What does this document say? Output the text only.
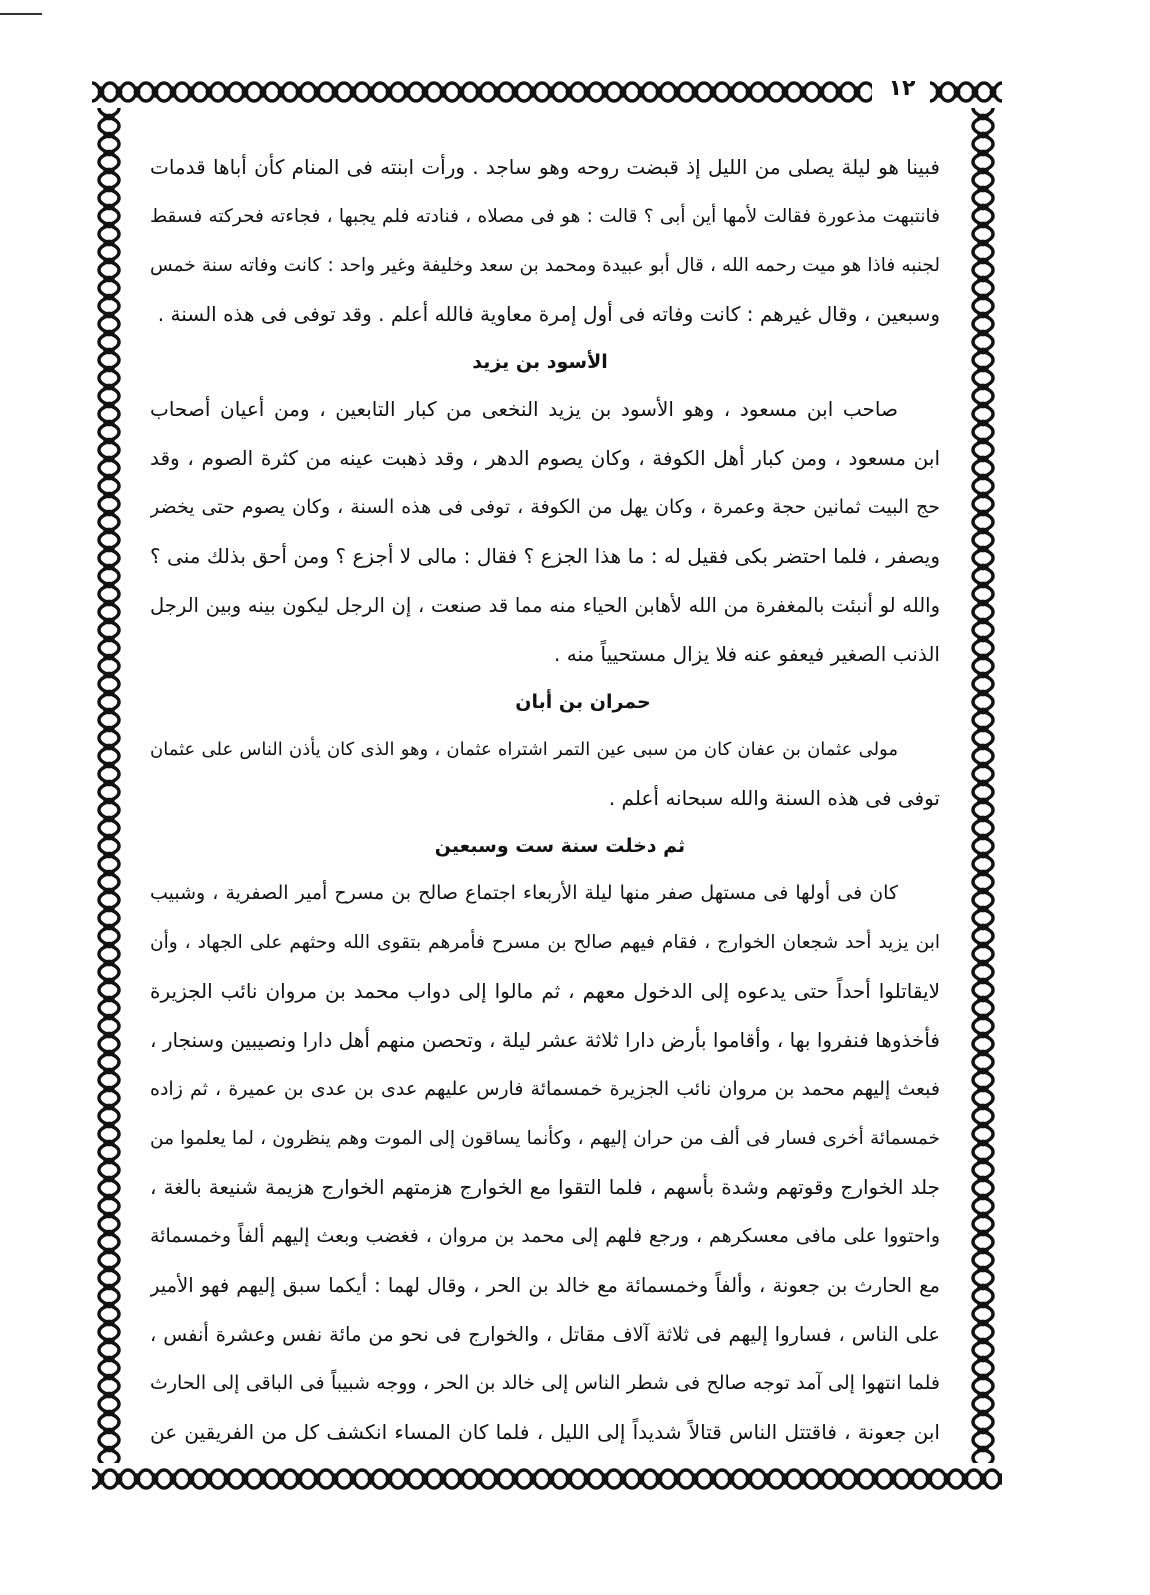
١٢
فبينا هو ليلة يصلى من الليل إذ قبضت روحه وهو ساجد . ورأت ابنته فى المنام كأن أباها قدمات
فانتبهت مذعورة فقالت لأمها أين أبى ؟ قالت : هو فى مصلاه ، فنادته فلم يجبها ، فجاءته فحركته فسقط
لجنبه فاذا هو ميت رحمه الله ، قال أبو عبيدة ومحمد بن سعد وخليفة وغير واحد : كانت وفاته سنة خمس
وسبعين ، وقال غيرهم : كانت وفاته فى أول إمرة معاوية فالله أعلم . وقد توفى فى هذه السنة .
الأسود بن يزيد
صاحب ابن مسعود ، وهو الأسود بن يزيد النخعى من كبار التابعين ، ومن أعيان أصحاب
ابن مسعود ، ومن كبار أهل الكوفة ، وكان يصوم الدهر ، وقد ذهبت عينه من كثرة الصوم ، وقد
حج البيت ثمانين حجة وعمرة ، وكان يهل من الكوفة ، توفى فى هذه السنة ، وكان يصوم حتى يخضر
ويصفر ، فلما احتضر بكى فقيل له : ما هذا الجزع ؟ فقال : مالى لا أجزع ؟ ومن أحق بذلك منى ؟
والله لو أنبئت بالمغفرة من الله لأهابن الحياء منه مما قد صنعت ، إن الرجل ليكون بينه وبين الرجل
الذنب الصغير فيعفو عنه فلا يزال مستحيياً منه .
حمران بن أبان
مولى عثمان بن عفان كان من سبى عين التمر اشتراه عثمان ، وهو الذى كان يأذن الناس على عثمان
توفى فى هذه السنة والله سبحانه أعلم .
ثم دخلت سنة ست وسبعين
كان فى أولها فى مستهل صفر منها ليلة الأربعاء اجتماع صالح بن مسرح أمير الصفرية ، وشبيب
ابن يزيد أحد شجعان الخوارج ، فقام فيهم صالح بن مسرح فأمرهم بتقوى الله وحثهم على الجهاد ، وأن
لايقاتلوا أحداً حتى يدعوه إلى الدخول معهم ، ثم مالوا إلى دواب محمد بن مروان نائب الجزيرة
فأخذوها فنفروا بها ، وأقاموا بأرض دارا ثلاثة عشر ليلة ، وتحصن منهم أهل دارا ونصيبين وسنجار ،
فبعث إليهم محمد بن مروان نائب الجزيرة خمسمائة فارس عليهم عدى بن عدى بن عميرة ، ثم زاده
خمسمائة أخرى فسار فى ألف من حران إليهم ، وكأنما يساقون إلى الموت وهم ينظرون ، لما يعلموا من
جلد الخوارج وقوتهم وشدة بأسهم ، فلما التقوا مع الخوارج هزمتهم الخوارج هزيمة شنيعة بالغة ،
واحتووا على مافى معسكرهم ، ورجع فلهم إلى محمد بن مروان ، فغضب وبعث إليهم ألفاً وخمسمائة
مع الحارث بن جعونة ، وألفاً وخمسمائة مع خالد بن الحر ، وقال لهما : أيكما سبق إليهم فهو الأمير
على الناس ، فساروا إليهم فى ثلاثة آلاف مقاتل ، والخوارج فى نحو من مائة نفس وعشرة أنفس ،
فلما انتهوا إلى آمد توجه صالح فى شطر الناس إلى خالد بن الحر ، ووجه شبيباً فى الباقى إلى الحارث
ابن جعونة ، فاقتتل الناس قتالاً شديداً إلى الليل ، فلما كان المساء انكشف كل من الفريقين عن
